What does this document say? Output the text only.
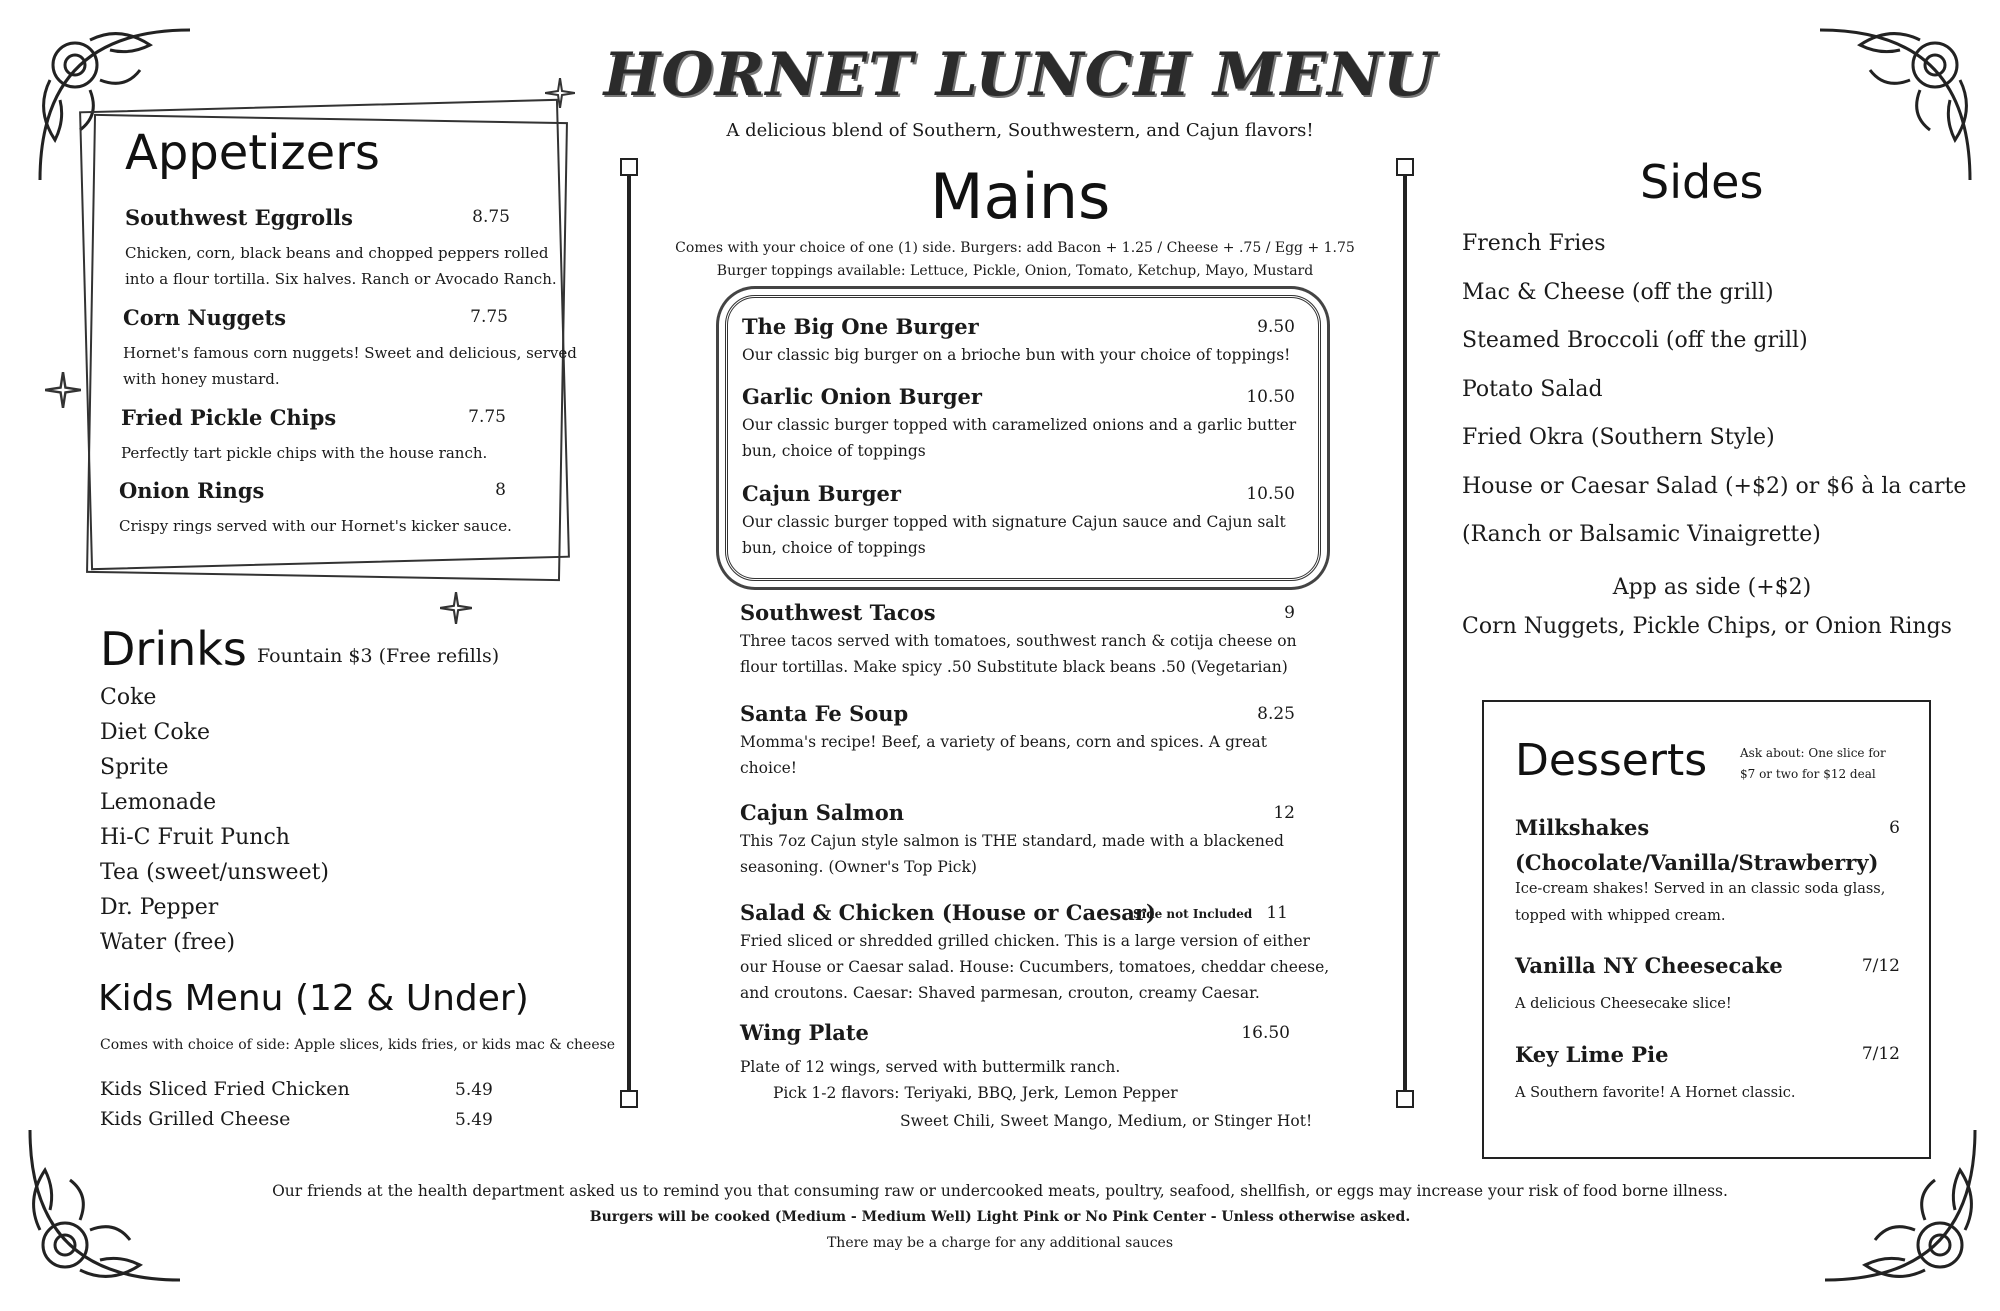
HORNET LUNCH MENU
A delicious blend of Southern, Southwestern, and Cajun flavors!
Appetizers
Southwest Eggrolls	8.75
Chicken, corn, black beans and chopped peppers rolled
into a flour tortilla. Six halves. Ranch or Avocado Ranch.
Corn Nuggets	7.75
Hornet's famous corn nuggets! Sweet and delicious, served
with honey mustard.
Fried Pickle Chips	7.75
Perfectly tart pickle chips with the house ranch.
Onion Rings	8
Crispy rings served with our Hornet's kicker sauce.
Drinks Fountain $3 (Free refills)
Coke
Diet Coke
Sprite
Lemonade
Hi-C Fruit Punch
Tea (sweet/unsweet)
Dr. Pepper
Water (free)
Kids Menu (12 & Under)
Comes with choice of side: Apple slices, kids fries, or kids mac & cheese
Kids Sliced Fried Chicken	5.49
Kids Grilled Cheese	5.49
Mains
Comes with your choice of one (1) side. Burgers: add Bacon + 1.25 / Cheese + .75 / Egg + 1.75
Burger toppings available: Lettuce, Pickle, Onion, Tomato, Ketchup, Mayo, Mustard
The Big One Burger	9.50
Our classic big burger on a brioche bun with your choice of toppings!
Garlic Onion Burger	10.50
Our classic burger topped with caramelized onions and a garlic butter
bun, choice of toppings
Cajun Burger	10.50
Our classic burger topped with signature Cajun sauce and Cajun salt
bun, choice of toppings
Southwest Tacos	9
Three tacos served with tomatoes, southwest ranch & cotija cheese on
flour tortillas. Make spicy .50 Substitute black beans .50 (Vegetarian)
Santa Fe Soup	8.25
Momma's recipe! Beef, a variety of beans, corn and spices. A great
choice!
Cajun Salmon	12
This 7oz Cajun style salmon is THE standard, made with a blackened
seasoning. (Owner's Top Pick)
Salad & Chicken (House or Caesar)
Side not Included 11
Fried sliced or shredded grilled chicken. This is a large version of either
our House or Caesar salad. House: Cucumbers, tomatoes, cheddar cheese,
and croutons. Caesar: Shaved parmesan, crouton, creamy Caesar.
Wing Plate	16.50
Plate of 12 wings, served with buttermilk ranch.
Pick 1-2 flavors: Teriyaki, BBQ, Jerk, Lemon Pepper
Sweet Chili, Sweet Mango, Medium, or Stinger Hot!
Sides
French Fries
Mac & Cheese (off the grill)
Steamed Broccoli (off the grill)
Potato Salad
Fried Okra (Southern Style)
House or Caesar Salad (+$2) or $6 à la carte
(Ranch or Balsamic Vinaigrette)
App as side (+$2)
Corn Nuggets, Pickle Chips, or Onion Rings
Desserts	Ask about: One slice for
$7 or two for $12 deal
Milkshakes	6
(Chocolate/Vanilla/Strawberry)
Ice-cream shakes! Served in an classic soda glass,
topped with whipped cream.
Vanilla NY Cheesecake	7/12
A delicious Cheesecake slice!
Key Lime Pie	7/12
A Southern favorite! A Hornet classic.
Our friends at the health department asked us to remind you that consuming raw or undercooked meats, poultry, seafood, shellfish, or eggs may increase your risk of food borne illness.
Burgers will be cooked (Medium - Medium Well) Light Pink or No Pink Center - Unless otherwise asked.
There may be a charge for any additional sauces
